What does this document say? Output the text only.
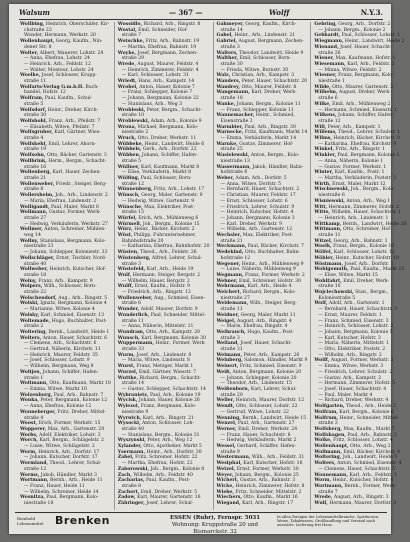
Walsum	— 367 —	Wolff	N.Y.3.

Wollbing, Heinrich, Oberschäfer, Kir-

chstraße 23

Wonder, Hermann, Werkstr. 20

Wollenhaupt, Georg, Kaufm., Nin-

dener Str. 8

Wolter, Albert, Mauerer, Lohstr. 24

— Anna, Ehefrau, Lohstr. 24

— Heinrich, Arb., Feldstr. 12

— Walter, Monteur, Lohstr. 24

Woelke, Josef, Schlosser, Krupp-

straße 11

Wolfarts-Verlag G.m.b.H. Buch-

handel, Hofstr. 12

Wolfram, Paul, Kaufm., Schul-

straße 5

Wolfsdorf, Heinr., Dreher, Kirch-

straße 30

Wolfshohl, Franz, Arb., Pfeilstr. 7

— Elisabeth, Witwe, Pfeilstr. 7

Wolfsgruber, Karl, Gärtner, Wies-

straße 4

Wolfskehl, Emil, Lehrer, Ahorn-

straße 19

Wolfsohn, Otto, Bäcker, Gartenstr. 3

Wollbrink, Herm., Bergm., Schacht-

straße 16

Wollenberg, Karl, Hauer, Zechen-

straße 21

Wollenweber, Friedr., Steiger, Berg-

straße 8

Wollersheim, Joh., Arb., Lindenstr. 2

— Maria, Ehefrau, Lindenstr. 2

Wolligandt, Paul, Maler, Markt 6

Wollmann, Gustav, Former, Werk-

straße 27

— Hedwig, Verkäuferin, Werkstr. 27

Wollmer, Anton, Schreiner, Mühlen-

weg 14

Wollny, Stanislaus, Bergmann, Kolo-

niestraße 33

— Johann, Schlepper, Koloniestr. 33

Wollschläger, Ernst, Tischler, Nord-

straße 40

Wollweber, Heinrich, Kutscher, Hof-

straße 18

Wolny, Franz, Arb., Kampstr. 9

Wolpers, Wilh., Schlosser, Born-

straße 22

Wolschendorf, Aug., Arb., Ringstr. 5

Wolski, Ignatz, Bergmann, Kolonie 4

— Marianne, Witwe, Kolonie 4

Wolsky, Karl, Schmied, Eisenstr. 13

Woltemade, Hugo, Buchhalter, Post-

straße 2

Woltering, Bernh., Landwirt, Heide 1

Wolters, Anton, Hauer, Schachtstr. 6

— Clemens, Arb., Schachtstr. 6

— Gertrud, Näherin, Kirchstr. 11

— Heinrich, Maurer, Feldstr. 35

— Josef, Schlosser, Lohstr. 9

— Wilhelm, Bergmann, Weg 8

Woltjen, Johann, Schiffer, Hafen-

straße 1

Woltmann, Otto, Kaufmann, Markt 10

— Emma, Witwe, Markt 10

Wolzenburg, Paul, Arb., Bahnstr. 7

Wonka, Peter, Bergmann, Kolonie 12

— Anna, Ehefrau, Kolonie 12

Wonneberger, Fritz, Dreher, Mittel-

straße 4

Woost, Erich, Former, Werkstr. 15

Wopperer, Max, Arb., Gartenstr. 20

Worbs, Adolf, Elektriker, Lohstr. 3

Worch, Karl, Bergm., Schlägelstr. 2

— Luise, Witwe, Schlägelstr. 2

Worm, Heinrich, Arb., Dorfstr. 17

— Johann, Kutscher, Dorfstr. 17

Wormland, Theod., Lehrer, Schul-

straße 12

Worms, Jakob, Händler, Markt 3

Wortmann, Bernh., Arb., Heide 11

— Franz, Hauer, Heide 11

— Wilhelm, Schreiner, Heide 14

Wosnitza, Paul, Bergmann, Kolo-

niestraße 18

Wossidlo, Richard, Arb., Ringstr. 8

Wostal, Emil, Schneider, Hof-

straße 7

Wotschke, Fritz, Arb., Bahnstr. 19

— Martha, Ehefrau, Bahnstr. 19

Woyke, Josef, Bergmann, Zechen-

straße 29

Wrede, August, Maurer, Feldstr. 4

— Heinrich, Zimmerer, Feldstr. 4

— Karl, Schlosser, Lohstr. 31

Wriedt, Hans, Arb., Kampstr. 14

Wrobel, Anton, Hauer, Kolonie 7

— Franz, Schlepper, Kolonie 7

— Johann, Bergmann, Kolonie 22

— Stanislaus, Arb., Weg 3

Wrobleski, Peter, Bergm., Schacht-

straße 10

Wroblewski, Adam, Arb., Kolonie 9

Wrona, Michael, Bergmann, Kolo-

niestraße 2

Wruck, Otto, Dreher, Werkstr. 11

Wübbeke, Heinr., Landwirt, Heide 6

Wübbels, Gerh., Arb., Dorfstr. 22

Wübben, Johann, Schiffer, Hafen-

straße 5

Wüllner, Karl, Kaufmann, Markt 8

— Elise, Verkäuferin, Markt 8

Wülfing, Paul, Schlosser, Born-

straße 12

Wünnenberg, Fritz, Arb., Lohstr. 17

Wünsch, Georg, Maler, Gartenstr. 9

— Hedwig, Witwe, Gartenstr. 9

Wünsche, Max, Elektriker, Post-

straße 15

Würfel, Erich, Arb., Mühlenweg 6

Würmell, Joh., Bergm., Kolonie 15

Würz, Heinr., Bäcker, Kirchstr. 2

Wüst, Philipp, Fuhrunternehmer,

Bahnhofstraße 20

— Katharina, Ehefrau, Bahnhofstr. 20

Wüsten, Theod., Arb., Feldstr. 26

Wüstenberg, Alfred, Lehrer, Schul-

straße 3

Wüstefeld, Karl, Arb., Heide 19

Wulf, Hermann, Steiger, Bergstr. 2

— Wilhelm, Hauer, Bergstr. 2

Wulff, Ernst, Kaufm., Hofstr. 9

— Friedrich, Arb., Ringstr. 13

Wullenweber, Aug., Schmied, Eisen-

straße 6

Wunder, Adolf, Maurer, Dorfstr. 9

Wunderlich, Paul, Schneider, Mittel-

straße 11

— Anna, Näherin, Mittelstr. 11

Wundram, Otto, Arb., Kampstr. 20

Wunsch, Karl, Bergmann, Kolonie 30

Wuppermann, Heinr., Former, Werk-

straße 33

Wurm, Josef, Arb., Lindenstr. 8

— Maria, Witwe, Lindenstr. 8

Wurst, Franz, Metzger, Markt 1

Wurzel, Emil, Gärtner, Wiesstr. 7

Wuttke, Richard, Bergm., Schacht-

straße 14

— Gustav, Schlepper, Schachtstr. 14

Wybranietz, Paul, Arb., Kolonie 19

Wycisk, Johann, Hauer, Kolonie 26

Wylezol, Franz, Bergmann, Kolo-

niestraße 9

Wyrwich, Karl, Arb., Ringstr. 21

Wysocki, Anton, Schlosser, Loh-

straße 40

— Stanislaus, Bergm., Kolonie 31

Wyszynski, Peter, Arb., Weg 12

Xylander, Otto, Apotheker, Markt 5

Ysermann, Heinr., Arb., Dorfstr. 30

Zabel, Fritz, Schreiner, Hofstr. 22

— Martha, Ehefrau, Hofstr. 22

Zaborowski, Joh., Bergm., Kolonie 8

Zach, Wilhelm, Arb., Feldstr. 40

Zacharias, Paul, Kaufm., Post-

straße 8

Zachert, Emil, Dreher, Werkstr. 5

Zadow, Karl, Maurer, Gartenstr. 16

Zähringer, Josef, Lehrer, Schul-

Gahmeyer, Georg, Kaufm., Kirch-

straße 14

Gabel, Heinr., Arb., Lindenstr. 21

Gabriel, August, Bergmann, Zechen-

straße 3

Walters, Theodor, Landwirt, Heide 9

Walther, Emil, Schlosser, Born-

straße 30

— Frieda, Witwe, Bornstr. 30

Walz, Christian, Arb., Kampstr. 3

Wanders, Peter, Hauer, Schachtstr. 20

Wandrey, Otto, Maurer, Feldstr. 8

Wangemann, Karl, Dreher, Werk-

straße 18

Wanke, Johann, Bergm., Kolonie 11

— Franz, Schlepper, Kolonie 11

Wannemacher, Heinr., Schmied,

Eisenstraße 2

Warmbier, Paul, Arb., Ringstr. 30

Warnecke, Fritz, Kaufmann, Markt 14

— Emma, Verkäuferin, Markt 14

Warnke, Gustav, Zimmerer, Hof-

straße 25

Wasielewski, Anton, Bergm., Kolo-

niestraße 13

Wassermann, Jakob, Händler, Bahn-

hofstraße 6

Weber, Adam, Arb., Dorfstr. 5

— Anna, Witwe, Dorfstr. 5

— Bernhard, Hauer, Schachtstr. 2

— Christian, Maurer, Feldstr. 17

— Ernst, Schlosser, Lohstr. 6

— Friedrich, Lehrer, Schulstr. 9

— Heinrich, Kutscher, Hofstr. 4

— Johann, Bergmann, Kolonie 3

— Karl, Dreher, Werkstr. 9

— Wilhelm, Arb., Gartenstr. 12

Wechsler, Max, Elektriker, Post-

straße 21

Weckmann, Paul, Bäcker, Kirchstr. 7

Wedekind, Otto, Buchhalter, Bahn-

hofstraße 12

Wegener, Heinr., Arb., Mühlenweg 9

— Luise, Näherin, Mühlenweg 9

Wegmann, Franz, Former, Werkstr. 2

Wehner, Emil, Schreiner, Hofstr. 30

Wehrmann, Karl, Arb., Heide 4

Weichert, Richard, Bergm., Kolo-

niestraße 27

Weidemann, Wilh., Steiger, Berg-

straße 11

Weidner, Georg, Maler, Markt 11

Weigel, August, Arb., Ringstr. 4

— Marie, Ehefrau, Ringstr. 4

Weihrauch, Hugo, Kaufm., Post-

straße 3

Weiland, Josef, Hauer, Schacht-

straße 31

Weimann, Peter, Arb., Kampstr. 26

Weinberg, Salomon, Händler, Markt 9

Weinert, Fritz, Schmied, Eisenstr. 9

Weiß, Anton, Bergmann, Kolonie 20

— Johann, Schlepper, Kolonie 20

— Theodor, Arb., Lindenstr. 15

Weißenborn, Karl, Lehrer, Schul-

straße 20

Weller, Heinrich, Maurer, Dorfstr. 12

Wendt, Otto, Schlosser, Lohstr. 22

— Gertrud, Witwe, Lohstr. 22

Wenning, Bernh., Landwirt, Heide 15

Wenzel, Paul, Arb., Gartenstr. 27

Werner, Emil, Dreher, Werkstr. 24

— Franz, Hauer, Schachtstr. 8

— Hedwig, Verkäuferin, Markt 2

Wessel, Gerhard, Schiffer, Hafen-

straße 9

Westermann, Wilh., Arb., Feldstr. 31

Westphal, Karl, Kutscher, Hofstr. 16

Wetzel, Ernst, Former, Werkstr. 30

Weyer, Johann, Bergm., Kolonie 25

Wichert, Gustav, Arb., Bahnstr. 3

Wicke, Heinrich, Zimmerer, Hofstr. 8

Wiebe, Fritz, Schneider, Mittelstr. 2

Wiechers, Otto, Kaufm., Markt 16

Wiegand, Karl, Arb., Ringstr. 17

Gebring, Georg, Arb., Dorfstr. 2

— Johann, Bergm., Kolonie 2

Gebhardt, Paul, Schlosser, Lohstr. 1

Wiegmann, Heinr., Landwirt, Heide 2

Wienand, Josef, Hauer, Schacht-

straße 26

Wiener, Max, Kaufmann, Hofstr. 1

Wiesemann, Karl, Arb., Feldstr. 2

— Minna, Witwe, Feldstr. 2

Wiesner, Franz, Bergmann, Kolo-

niestraße 1

Wilde, Otto, Maurer, Gartenstr. 3

Wilhelm, August, Dreher, Werk-

straße 6

Wilke, Emil, Arb., Mühlenweg 2

— Hermann, Schmied, Eisenstr. 1

Wilkens, Johann, Schiffer, Hafen-

straße 12

Will, Peter, Arb., Kampstr. 1

Willems, Theod., Lehrer, Schulstr. 1

Wilms, Heinrich, Bäcker, Kirchstr. 9

— Katharina, Ehefrau, Kirchstr. 9

Winkel, Fritz, Arb., Ringstr. 1

Winkler, Paul, Bergmann, Kolonie 1

— Anna, Näherin, Kolonie 1

— Gustav, Former, Werkstr. 1

Winter, Karl, Kaufm., Postr. 1

— Martha, Verkäuferin, Poststr. 1

Wirth, Ernst, Maler, Markt 12

Wischnewski, Joh., Bergm., Kolo-

niestraße 6

Wisniewski, Anton, Arb., Weg 1

Witt, Hermann, Zimmerer, Hofstr. 2

Witte, Wilhelm, Hauer, Schachtstr. 1

— Heinrich, Arb., Lindenstr. 1

Wittkamp, Bernh., Landwirt, Heide 20

Wittmann, Otto, Schreiner, Hof-

straße 11

Witzel, Georg, Arb., Bahnstr. 1

Woelk, Franz, Bergm., Kolonie 10

Wölfel, Karl, Schlosser, Lohstr. 12

Wöhler, Heinr., Kutscher, Hofstr. 10

Wöstmann, Josef, Arb., Dorfstr. 1

Wohlgemuth, Paul, Kaufm., Markt 15

— Elise, Witwe, Markt 15

Wohlfahrt, Emil, Dreher, Werk-

straße 10

Wojciechowski, Stan., Bergm.,

Koloniestraße 5

Wolf, Adolf, Arb., Gartenstr. 1

— Bernhard, Hauer, Schachtstr. 3

— Ernst, Maurer, Feldstr. 1

— Franz, Schmied, Eisenstr. 3

— Heinrich, Schlosser, Lohstr. 2

— Johann, Bergmann, Kolonie 5

— Karl, Kutscher, Hofstr. 3

— Maria, Näherin, Mittelstr. 1

— Otto, Elektriker, Poststr. 2

— Wilhelm, Arb., Ringstr. 2

Wolff, August, Former, Werkstr. 3

— Emma, Witwe, Werkstr. 3

— Friedrich, Lehrer, Schulstr. 2

— Gustav, Arb., Kampstr. 2

— Hermann, Zimmerer, Hofstr. 5

— Josef, Hauer, Schachtstr. 4

— Paul, Maler, Markt 4

— Richard, Dreher, Werkstr. 4

Wolfgarten, Theod., Arb., Heide 3

Wolfram, Karl, Bergm., Kolonie 6

Wolfrum, Heinr., Schneider, Mittel-

straße 3

Wolfsberg, Max, Kaufm., Markt 7

Wolfshagen, Paul, Arb., Bahnstr. 2

Wolke, Fritz, Schlosser, Lohstr. 4

Wollenhaupt, Otto, Arb., Weg 2

Wollmann, Emil, Bäcker, Kirchstr. 4

Woltering, Joh., Landwirt, Heide 5

Wolters, Anton, Schmied, Eisenstr. 4

— Clemens, Hauer, Schachtstr. 5

Wonnemann, Karl, Arb., Feldstr. 3

Worm, Heinr., Kutscher, Hofstr. 6

Wortmann, Bernh., Former, Werk-

straße 7

Wrede, August, Arb., Ringstr. 3

Wulf, Hermann, Maurer, Dorfstr. 3

Reinhold
Lebensmittel Brenken	ESSEN (Ruhr), Fernspr. 5031
Wohnung: Kruppstraße 20 und Bismarckstr. 32
In allen Zweigen der Lebensmittelbranche, Spirituosen, Weine, Tabakwaren, Großhandlung und Versand nach auswärts. Lieferung frei Haus.
